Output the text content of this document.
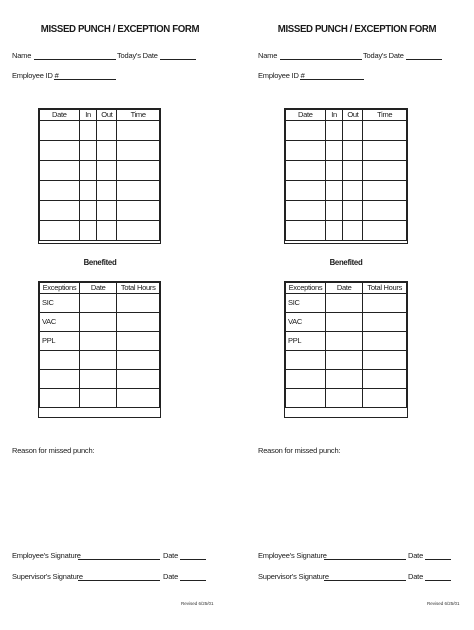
MISSED PUNCH / EXCEPTION FORM
Name	Today's Date
Employee ID #
Date	In	Out	Time

Benefited
Exceptions	Date	Total Hours
SIC		
VAC		
PPL		

Reason for missed punch:
Employee's Signature	Date
Supervisor's Signature	Date
Revised 6/25/01
MISSED PUNCH / EXCEPTION FORM
Name	Today's Date
Employee ID #
Date	In	Out	Time

Benefited
Exceptions	Date	Total Hours
SIC		
VAC		
PPL		

Reason for missed punch:
Employee's Signature	Date
Supervisor's Signature	Date
Revised 6/25/01
